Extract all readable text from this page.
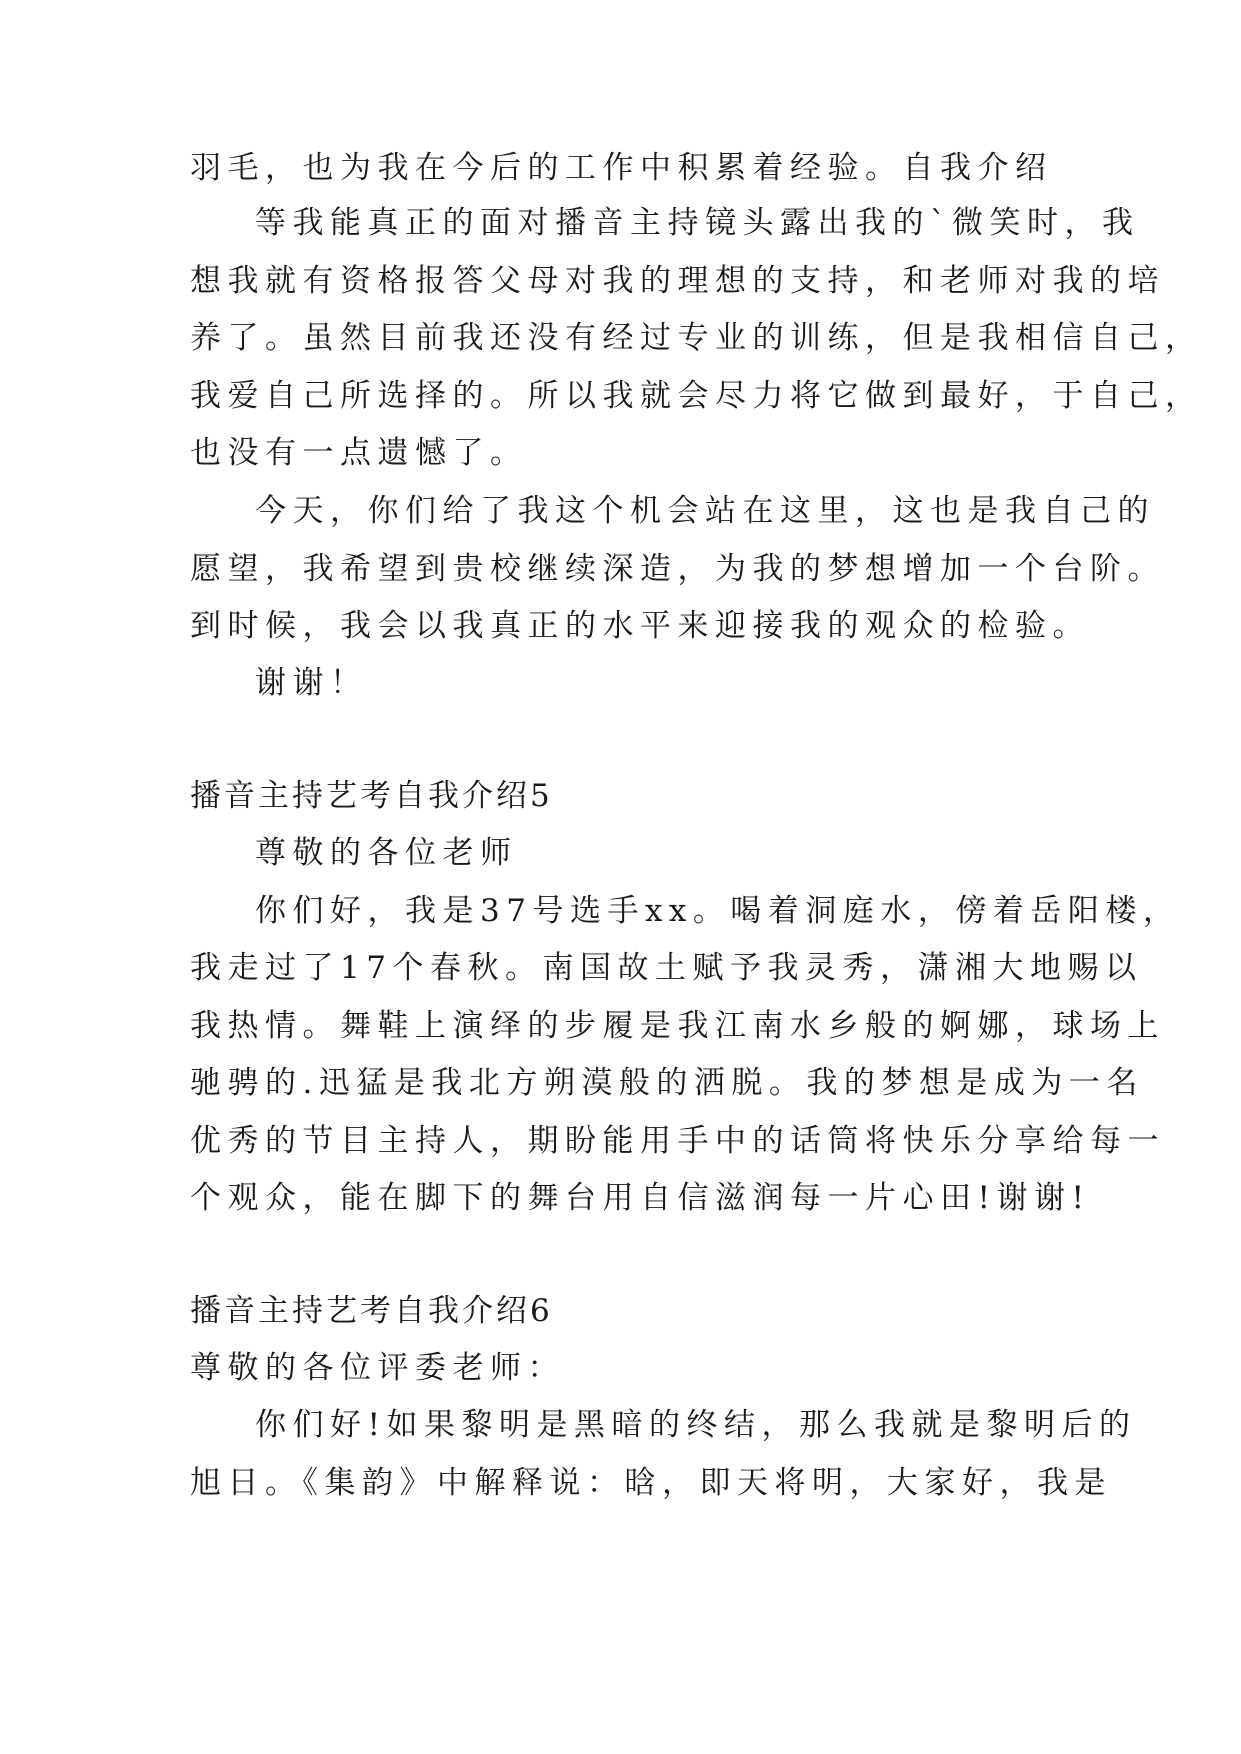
羽毛，也为我在今后的工作中积累着经验。自我介绍
等我能真正的面对播音主持镜头露出我的`微笑时，我
想我就有资格报答父母对我的理想的支持，和老师对我的培
养了。虽然目前我还没有经过专业的训练，但是我相信自己，
我爱自己所选择的。所以我就会尽力将它做到最好，于自己，
也没有一点遗憾了。
今天，你们给了我这个机会站在这里，这也是我自己的
愿望，我希望到贵校继续深造，为我的梦想增加一个台阶。
到时候，我会以我真正的水平来迎接我的观众的检验。
谢谢！
播音主持艺考自我介绍5
尊敬的各位老师
你们好，我是37号选手xx。喝着洞庭水，傍着岳阳楼，
我走过了17个春秋。南国故土赋予我灵秀，潇湘大地赐以
我热情。舞鞋上演绎的步履是我江南水乡般的婀娜，球场上
驰骋的.迅猛是我北方朔漠般的洒脱。我的梦想是成为一名
优秀的节目主持人，期盼能用手中的话筒将快乐分享给每一
个观众，能在脚下的舞台用自信滋润每一片心田!谢谢!
播音主持艺考自我介绍6
尊敬的各位评委老师：
你们好!如果黎明是黑暗的终结，那么我就是黎明后的
旭日。《集韵》中解释说：晗，即天将明，大家好，我是
